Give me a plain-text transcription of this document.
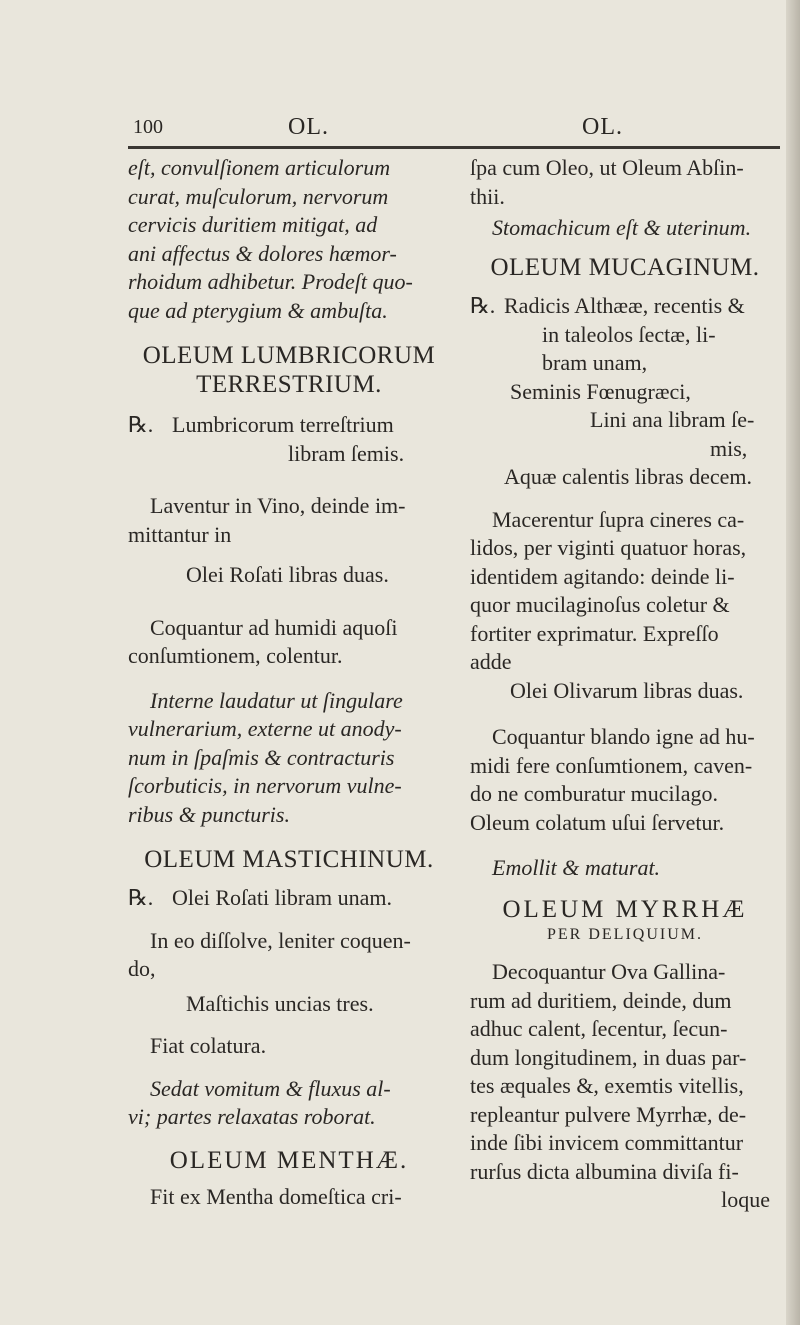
100	OL.	OL.

eſt, convulſionem articulorum

curat, muſculorum, nervorum

cervicis duritiem mitigat, ad

ani affectus & dolores hæmor-

rhoidum adhibetur. Prodeſt quo-

que ad pterygium & ambuſta.

OLEUM LUMBRICORUM

TERRESTRIUM.

℞. Lumbricorum terreſtrium

libram ſemis.

Laventur in Vino, deinde im-

mittantur in

Olei Roſati libras duas.

Coquantur ad humidi aquoſi

conſumtionem, colentur.

Interne laudatur ut ſingulare

vulnerarium, externe ut anody-

num in ſpaſmis & contracturis

ſcorbuticis, in nervorum vulne-

ribus & puncturis.

OLEUM MASTICHINUM.

℞. Olei Roſati libram unam.

In eo diſſolve, leniter coquen-

do,

Maſtichis uncias tres.

Fiat colatura.

Sedat vomitum & fluxus al-

vi; partes relaxatas roborat.

OLEUM MENTHÆ.

Fit ex Mentha domeſtica cri-

ſpa cum Oleo, ut Oleum Abſin-

thii.

Stomachicum eſt & uterinum.

OLEUM MUCAGINUM.

℞. Radicis Althææ, recentis &

in taleolos ſectæ, li-

bram unam,

Seminis Fœnugræci,

Lini ana libram ſe-

mis,

Aquæ calentis libras decem.

Macerentur ſupra cineres ca-

lidos, per viginti quatuor horas,

identidem agitando: deinde li-

quor mucilaginoſus coletur &

fortiter exprimatur. Expreſſo

adde

Olei Olivarum libras duas.

Coquantur blando igne ad hu-

midi fere conſumtionem, caven-

do ne comburatur mucilago.

Oleum colatum uſui ſervetur.

Emollit & maturat.

OLEUM MYRRHÆ

PER DELIQUIUM.

Decoquantur Ova Gallina-

rum ad duritiem, deinde, dum

adhuc calent, ſecentur, ſecun-

dum longitudinem, in duas par-

tes æquales &, exemtis vitellis,

repleantur pulvere Myrrhæ, de-

inde ſibi invicem committantur

rurſus dicta albumina diviſa fi-

loque
